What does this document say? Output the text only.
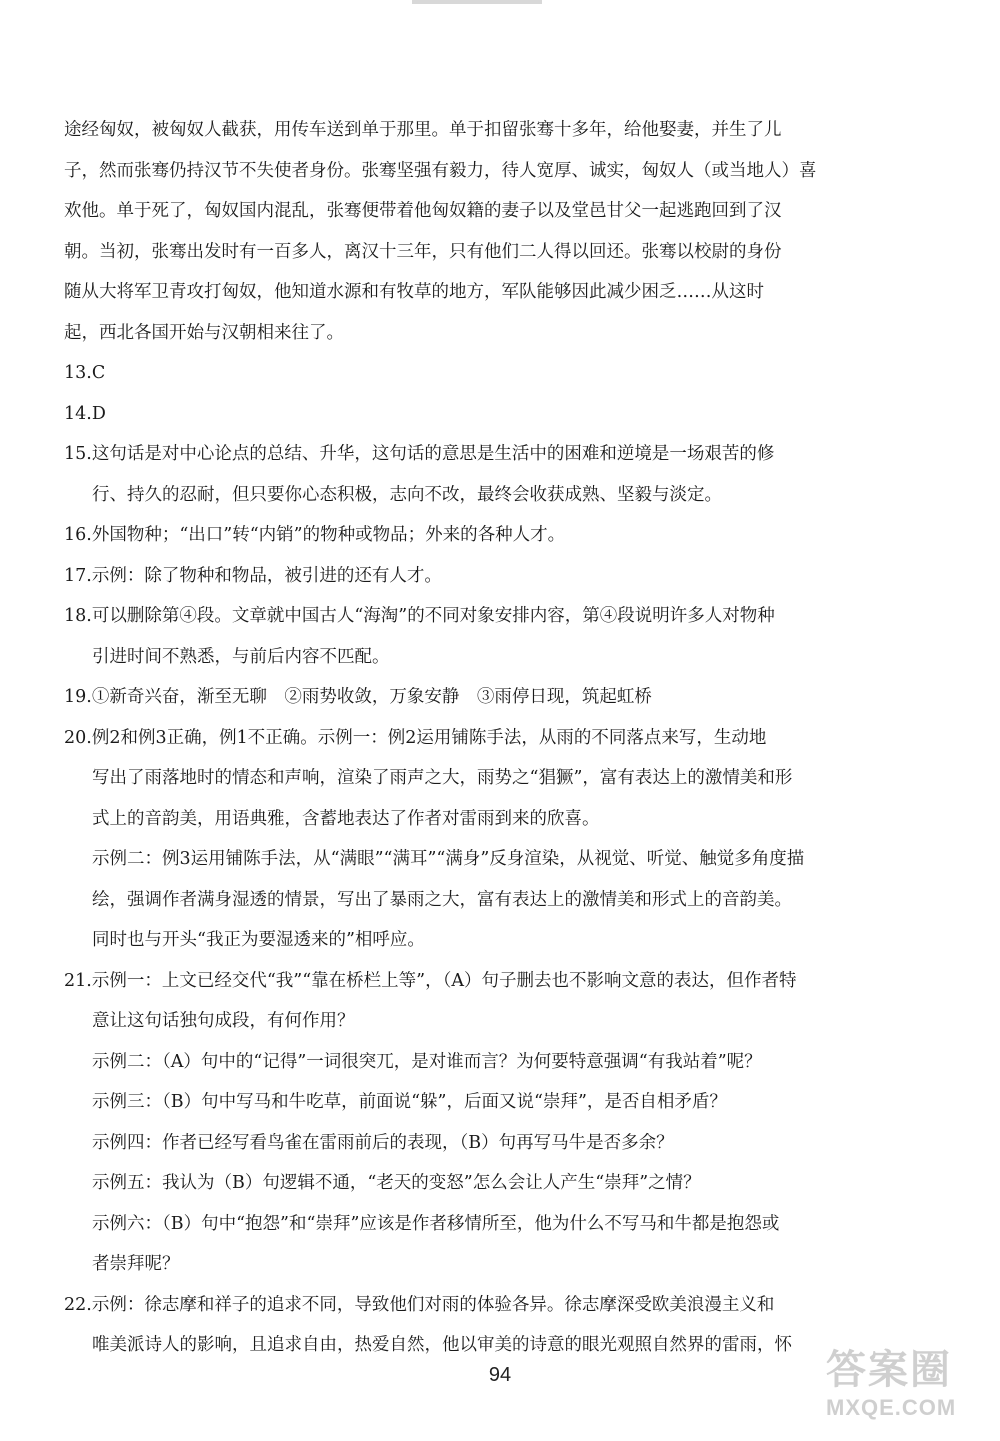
途经匈奴，被匈奴人截获，用传车送到单于那里。单于扣留张骞十多年，给他娶妻，并生了儿
子，然而张骞仍持汉节不失使者身份。张骞坚强有毅力，待人宽厚、诚实，匈奴人（或当地人）喜
欢他。单于死了，匈奴国内混乱，张骞便带着他匈奴籍的妻子以及堂邑甘父一起逃跑回到了汉
朝。当初，张骞出发时有一百多人，离汉十三年，只有他们二人得以回还。张骞以校尉的身份
随从大将军卫青攻打匈奴，他知道水源和有牧草的地方，军队能够因此减少困乏……从这时
起，西北各国开始与汉朝相来往了。
13.C
14.D
15.这句话是对中心论点的总结、升华，这句话的意思是生活中的困难和逆境是一场艰苦的修
行、持久的忍耐，但只要你心态积极，志向不改，最终会收获成熟、坚毅与淡定。
16.外国物种；“出口”转“内销”的物种或物品；外来的各种人才。
17.示例：除了物种和物品，被引进的还有人才。
18.可以删除第④段。文章就中国古人“海淘”的不同对象安排内容，第④段说明许多人对物种
引进时间不熟悉，与前后内容不匹配。
19.①新奇兴奋，渐至无聊　②雨势收敛，万象安静　③雨停日现，筑起虹桥
20.例2和例3正确，例1不正确。示例一：例2运用铺陈手法，从雨的不同落点来写，生动地
写出了雨落地时的情态和声响，渲染了雨声之大，雨势之“猖獗”，富有表达上的激情美和形
式上的音韵美，用语典雅，含蓄地表达了作者对雷雨到来的欣喜。
示例二：例3运用铺陈手法，从“满眼”“满耳”“满身”反身渲染，从视觉、听觉、触觉多角度描
绘，强调作者满身湿透的情景，写出了暴雨之大，富有表达上的激情美和形式上的音韵美。
同时也与开头“我正为要湿透来的”相呼应。
21.示例一：上文已经交代“我”“靠在桥栏上等”，（A）句子删去也不影响文意的表达，但作者特
意让这句话独句成段，有何作用？
示例二：（A）句中的“记得”一词很突兀，是对谁而言？为何要特意强调“有我站着”呢？
示例三：（B）句中写马和牛吃草，前面说“躲”，后面又说“崇拜”，是否自相矛盾？
示例四：作者已经写看鸟雀在雷雨前后的表现，（B）句再写马牛是否多余？
示例五：我认为（B）句逻辑不通，“老天的变怒”怎么会让人产生“崇拜”之情？
示例六：（B）句中“抱怨”和“崇拜”应该是作者移情所至，他为什么不写马和牛都是抱怨或
者崇拜呢？
22.示例：徐志摩和祥子的追求不同，导致他们对雨的体验各异。徐志摩深受欧美浪漫主义和
唯美派诗人的影响，且追求自由，热爱自然，他以审美的诗意的眼光观照自然界的雷雨，怀
94	答案圈
MXQE.COM
